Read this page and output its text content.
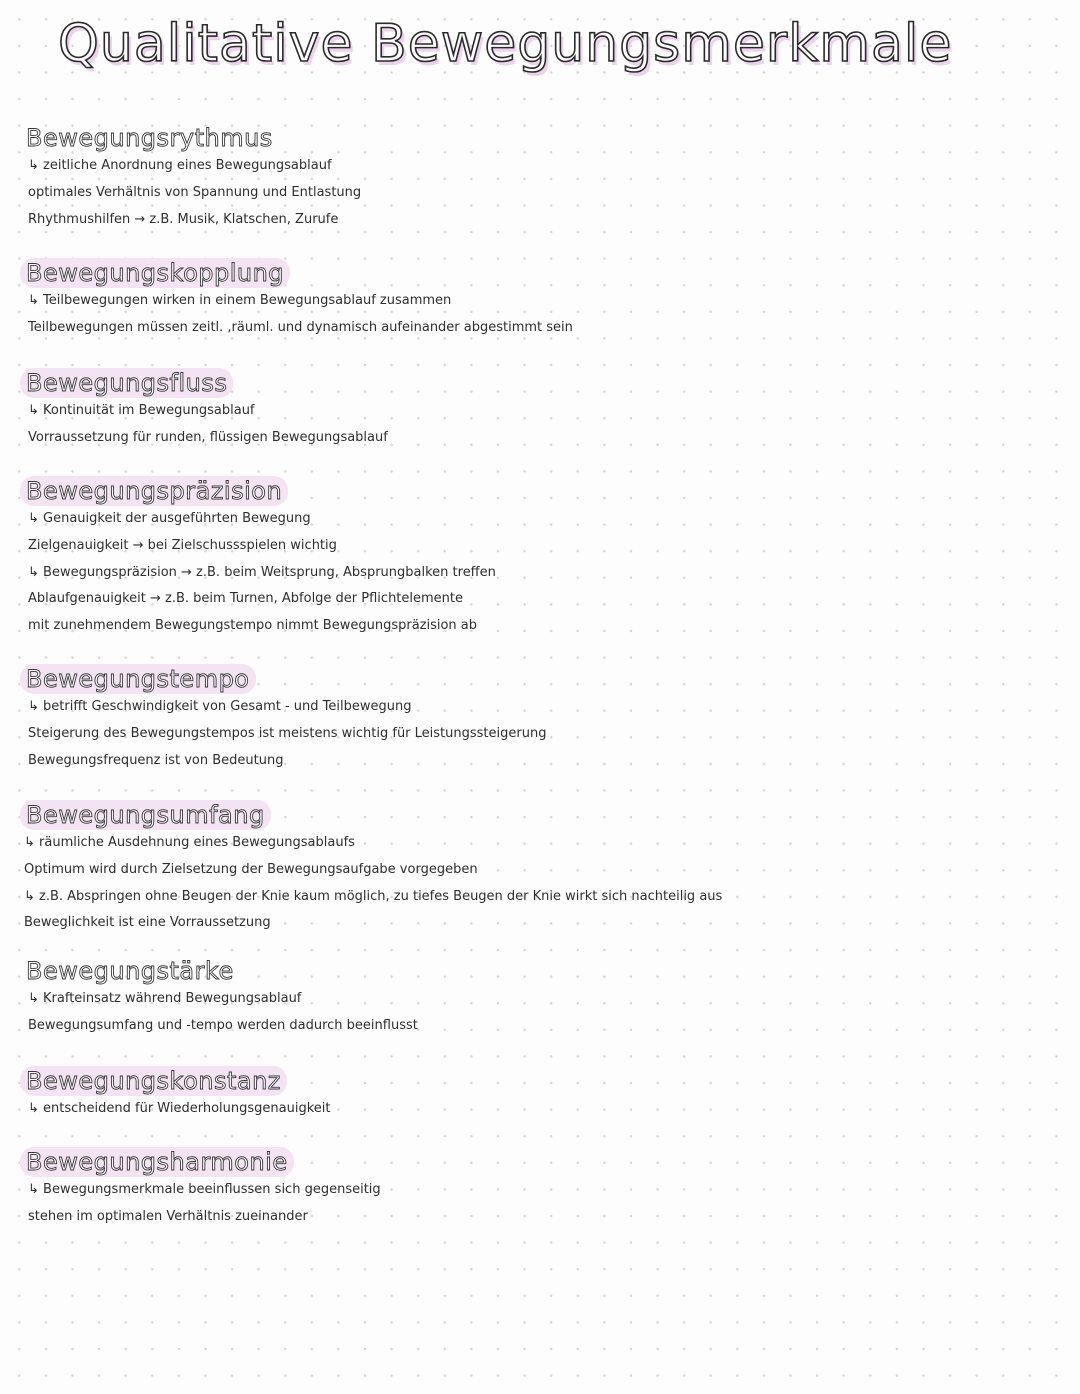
Qualitative Bewegungsmerkmale
Bewegungsrythmus
↳ zeitliche Anordnung eines Bewegungsablauf
optimales Verhältnis von Spannung und Entlastung
Rhythmushilfen → z.B. Musik, Klatschen, Zurufe
Bewegungskopplung
↳ Teilbewegungen wirken in einem Bewegungsablauf zusammen
Teilbewegungen müssen zeitl. ,räuml. und dynamisch aufeinander abgestimmt sein
Bewegungsfluss
↳ Kontinuität im Bewegungsablauf
Vorraussetzung für runden, flüssigen Bewegungsablauf
Bewegungspräzision
↳ Genauigkeit der ausgeführten Bewegung
Zielgenauigkeit → bei Zielschussspielen wichtig
↳ Bewegungspräzision → z.B. beim Weitsprung, Absprungbalken treffen
Ablaufgenauigkeit → z.B. beim Turnen, Abfolge der Pflichtelemente
mit zunehmendem Bewegungstempo nimmt Bewegungspräzision ab
Bewegungstempo
↳ betrifft Geschwindigkeit von Gesamt - und Teilbewegung
Steigerung des Bewegungstempos ist meistens wichtig für Leistungssteigerung
Bewegungsfrequenz ist von Bedeutung
Bewegungsumfang
↳ räumliche Ausdehnung eines Bewegungsablaufs
Optimum wird durch Zielsetzung der Bewegungsaufgabe vorgegeben
↳ z.B. Abspringen ohne Beugen der Knie kaum möglich, zu tiefes Beugen der Knie wirkt sich nachteilig aus
Beweglichkeit ist eine Vorraussetzung
Bewegungstärke
↳ Krafteinsatz während Bewegungsablauf
Bewegungsumfang und -tempo werden dadurch beeinflusst
Bewegungskonstanz
↳ entscheidend für Wiederholungsgenauigkeit
Bewegungsharmonie
↳ Bewegungsmerkmale beeinflussen sich gegenseitig
stehen im optimalen Verhältnis zueinander
